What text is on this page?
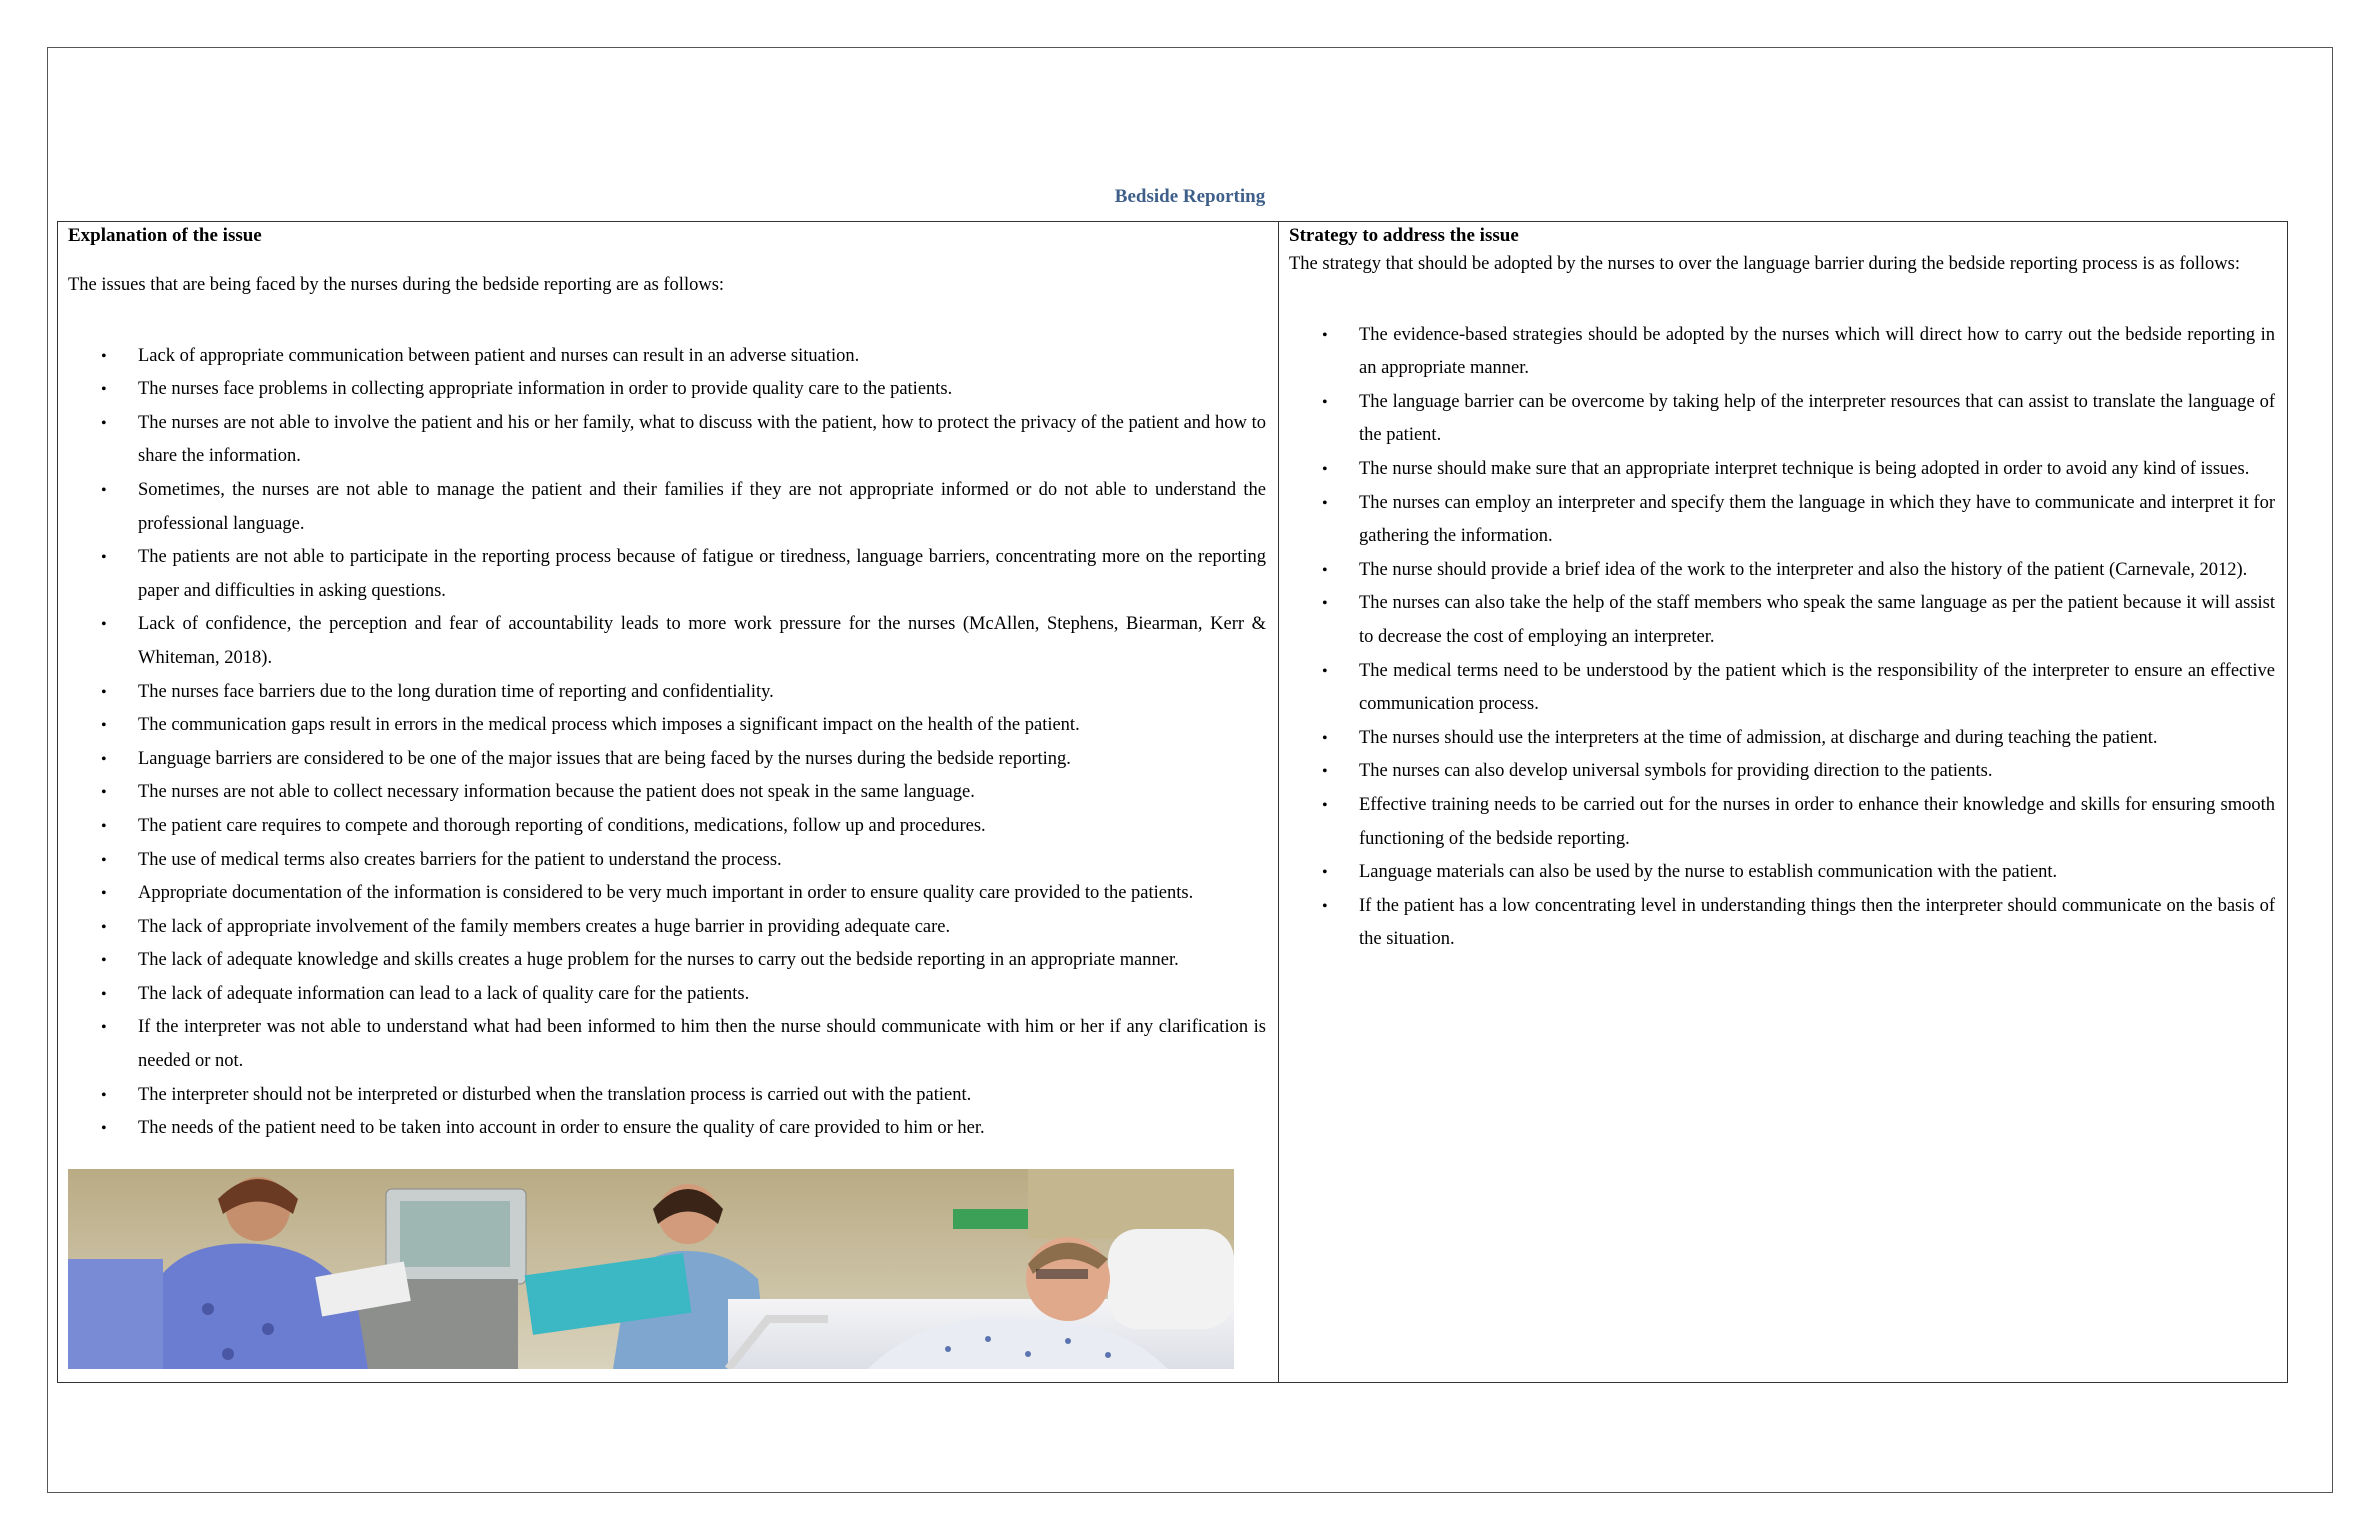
Bedside Reporting

Explanation of the issue

The issues that are being faced by the nurses during the bedside reporting are as follows:

• Lack of appropriate communication between patient and nurses can result in an adverse situation.
• The nurses face problems in collecting appropriate information in order to provide quality care to the patients.
• The nurses are not able to involve the patient and his or her family, what to discuss with the patient, how to protect the privacy of the patient and how to share the information.
• Sometimes, the nurses are not able to manage the patient and their families if they are not appropriate informed or do not able to understand the professional language.
• The patients are not able to participate in the reporting process because of fatigue or tiredness, language barriers, concentrating more on the reporting paper and difficulties in asking questions.
• Lack of confidence, the perception and fear of accountability leads to more work pressure for the nurses (McAllen, Stephens, Biearman, Kerr & Whiteman, 2018).
• The nurses face barriers due to the long duration time of reporting and confidentiality.
• The communication gaps result in errors in the medical process which imposes a significant impact on the health of the patient.
• Language barriers are considered to be one of the major issues that are being faced by the nurses during the bedside reporting.
• The nurses are not able to collect necessary information because the patient does not speak in the same language.
• The patient care requires to compete and thorough reporting of conditions, medications, follow up and procedures.
• The use of medical terms also creates barriers for the patient to understand the process.
• Appropriate documentation of the information is considered to be very much important in order to ensure quality care provided to the patients.
• The lack of appropriate involvement of the family members creates a huge barrier in providing adequate care.
• The lack of adequate knowledge and skills creates a huge problem for the nurses to carry out the bedside reporting in an appropriate manner.
• The lack of adequate information can lead to a lack of quality care for the patients.
• If the interpreter was not able to understand what had been informed to him then the nurse should communicate with him or her if any clarification is needed or not.
• The interpreter should not be interpreted or disturbed when the translation process is carried out with the patient.
• The needs of the patient need to be taken into account in order to ensure the quality of care provided to him or her.

Strategy to address the issue

The strategy that should be adopted by the nurses to over the language barrier during the bedside reporting process is as follows:

• The evidence-based strategies should be adopted by the nurses which will direct how to carry out the bedside reporting in an appropriate manner.
• The language barrier can be overcome by taking help of the interpreter resources that can assist to translate the language of the patient.
• The nurse should make sure that an appropriate interpret technique is being adopted in order to avoid any kind of issues.
• The nurses can employ an interpreter and specify them the language in which they have to communicate and interpret it for gathering the information.
• The nurse should provide a brief idea of the work to the interpreter and also the history of the patient (Carnevale, 2012).
• The nurses can also take the help of the staff members who speak the same language as per the patient because it will assist to decrease the cost of employing an interpreter.
• The medical terms need to be understood by the patient which is the responsibility of the interpreter to ensure an effective communication process.
• The nurses should use the interpreters at the time of admission, at discharge and during teaching the patient.
• The nurses can also develop universal symbols for providing direction to the patients.
• Effective training needs to be carried out for the nurses in order to enhance their knowledge and skills for ensuring smooth functioning of the bedside reporting.
• Language materials can also be used by the nurse to establish communication with the patient.
• If the patient has a low concentrating level in understanding things then the interpreter should communicate on the basis of the situation.
